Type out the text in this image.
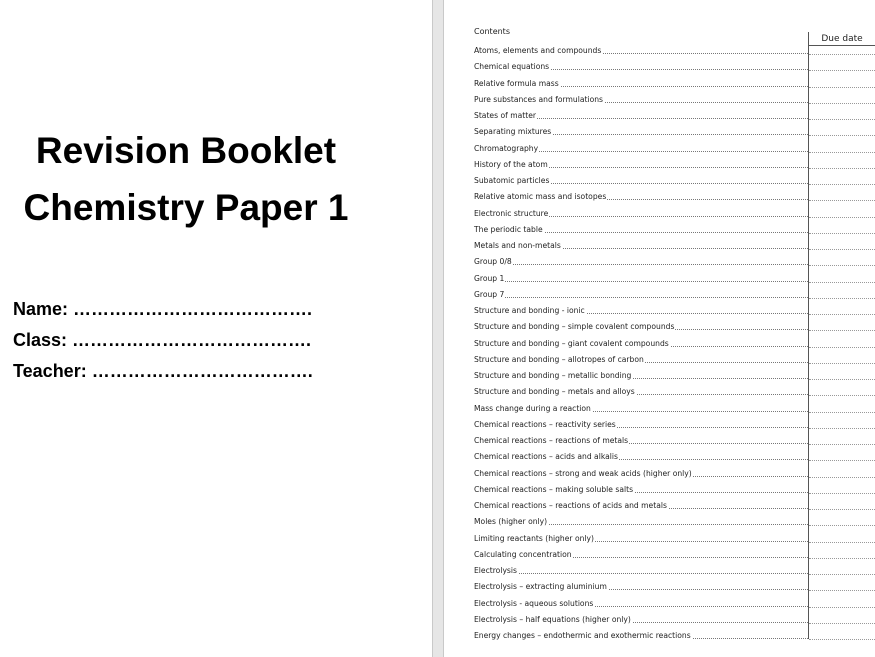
Revision Booklet
Chemistry Paper 1
Name: ………………………………….
Class: ………………………………….
Teacher: ……………………………….
Contents
Due date
Atoms, elements and compounds
Chemical equations
Relative formula mass
Pure substances and formulations
States of matter
Separating mixtures
Chromatography
History of the atom
Subatomic particles
Relative atomic mass and isotopes
Electronic structure
The periodic table
Metals and non-metals
Group 0/8
Group 1
Group 7
Structure and bonding - ionic
Structure and bonding – simple covalent compounds
Structure and bonding – giant covalent compounds
Structure and bonding – allotropes of carbon
Structure and bonding – metallic bonding
Structure and bonding – metals and alloys
Mass change during a reaction
Chemical reactions – reactivity series
Chemical reactions – reactions of metals
Chemical reactions – acids and alkalis
Chemical reactions – strong and weak acids (higher only)
Chemical reactions – making soluble salts
Chemical reactions – reactions of acids and metals
Moles (higher only)
Limiting reactants (higher only)
Calculating concentration
Electrolysis
Electrolysis – extracting aluminium
Electrolysis - aqueous solutions
Electrolysis – half equations (higher only)
Energy changes – endothermic and exothermic reactions
